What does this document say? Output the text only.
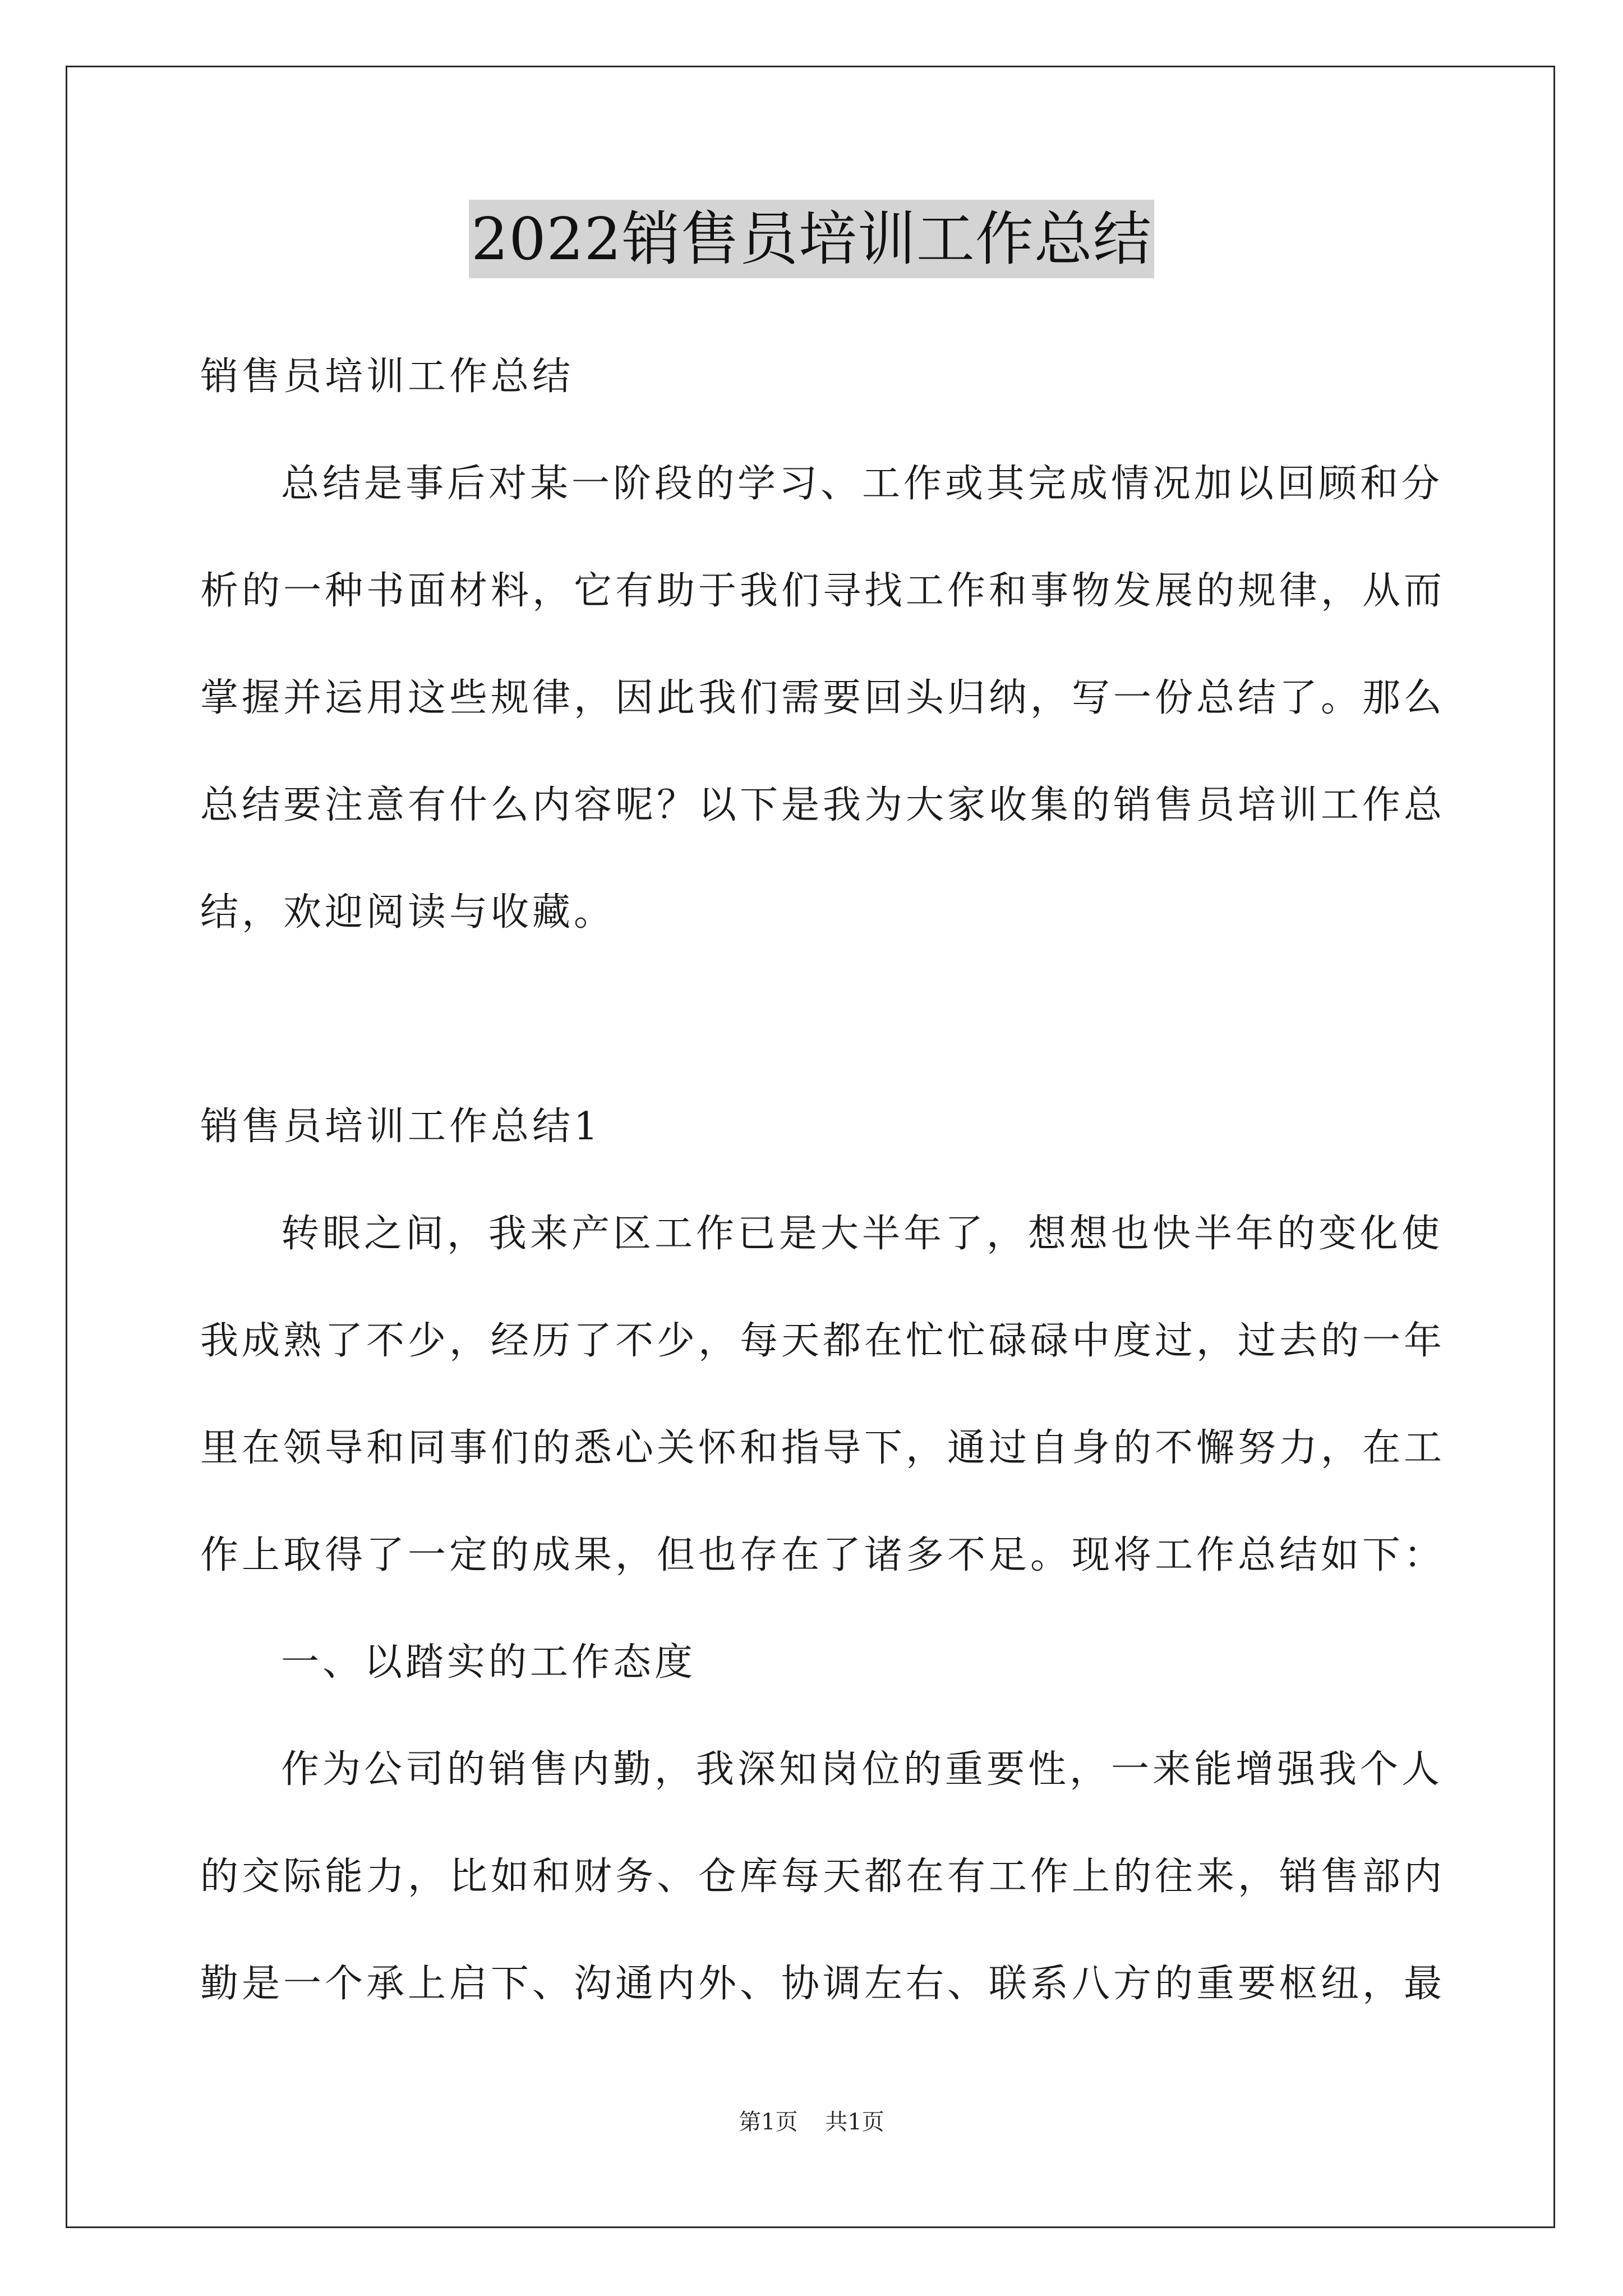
2022销售员培训工作总结
销售员培训工作总结
总结是事后对某一阶段的学习、工作或其完成情况加以回顾和分
析的一种书面材料，它有助于我们寻找工作和事物发展的规律，从而
掌握并运用这些规律，因此我们需要回头归纳，写一份总结了。那么
总结要注意有什么内容呢？以下是我为大家收集的销售员培训工作总
结，欢迎阅读与收藏。
销售员培训工作总结1
转眼之间，我来产区工作已是大半年了，想想也快半年的变化使
我成熟了不少，经历了不少，每天都在忙忙碌碌中度过，过去的一年
里在领导和同事们的悉心关怀和指导下，通过自身的不懈努力，在工
作上取得了一定的成果，但也存在了诸多不足。现将工作总结如下：
一、以踏实的工作态度
作为公司的销售内勤，我深知岗位的重要性，一来能增强我个人
的交际能力，比如和财务、仓库每天都在有工作上的往来，销售部内
勤是一个承上启下、沟通内外、协调左右、联系八方的重要枢纽，最
第1页 共1页
